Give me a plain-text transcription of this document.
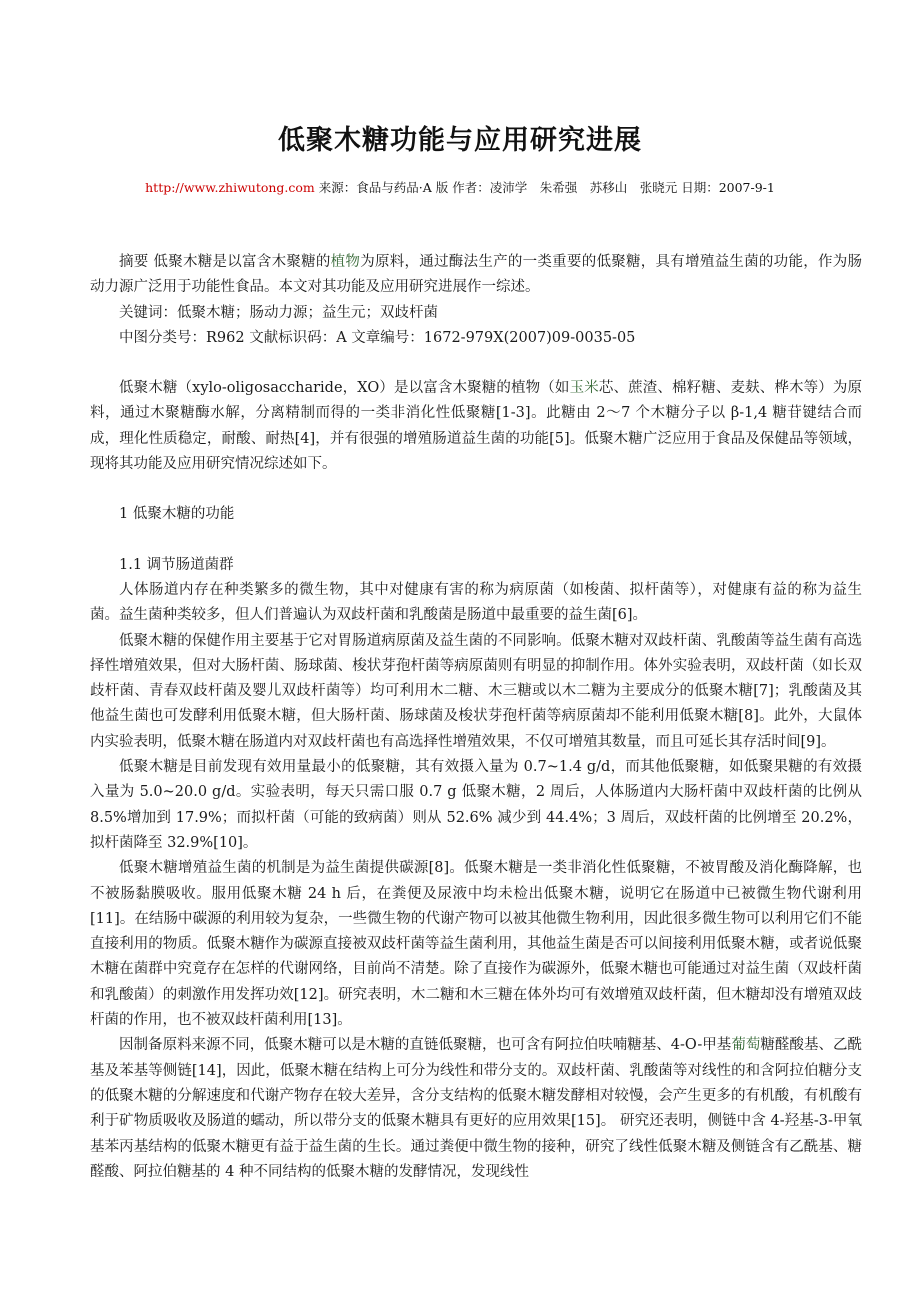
低聚木糖功能与应用研究进展
http://www.zhiwutong.com 来源：食品与药品·A 版 作者：凌沛学　朱希强　苏移山　张晓元 日期：2007-9-1

摘要 低聚木糖是以富含木聚糖的植物为原料，通过酶法生产的一类重要的低聚糖，具有增殖益生菌的功能，作为肠动力源广泛用于功能性食品。本文对其功能及应用研究进展作一综述。

关键词：低聚木糖；肠动力源；益生元；双歧杆菌

中图分类号：R962 文献标识码：A 文章编号：1672-979X(2007)09-0035-05

低聚木糖（xylo-oligosaccharide，XO）是以富含木聚糖的植物（如玉米芯、蔗渣、棉籽糖、麦麸、桦木等）为原料，通过木聚糖酶水解，分离精制而得的一类非消化性低聚糖[1-3]。此糖由 2～7 个木糖分子以 β-1,4 糖苷键结合而成，理化性质稳定，耐酸、耐热[4]，并有很强的增殖肠道益生菌的功能[5]。低聚木糖广泛应用于食品及保健品等领域，现将其功能及应用研究情况综述如下。

1 低聚木糖的功能

1.1 调节肠道菌群

人体肠道内存在种类繁多的微生物，其中对健康有害的称为病原菌（如梭菌、拟杆菌等），对健康有益的称为益生菌。益生菌种类较多，但人们普遍认为双歧杆菌和乳酸菌是肠道中最重要的益生菌[6]。

低聚木糖的保健作用主要基于它对胃肠道病原菌及益生菌的不同影响。低聚木糖对双歧杆菌、乳酸菌等益生菌有高选择性增殖效果，但对大肠杆菌、肠球菌、梭状芽孢杆菌等病原菌则有明显的抑制作用。体外实验表明，双歧杆菌（如长双歧杆菌、青春双歧杆菌及婴儿双歧杆菌等）均可利用木二糖、木三糖或以木二糖为主要成分的低聚木糖[7]；乳酸菌及其他益生菌也可发酵利用低聚木糖，但大肠杆菌、肠球菌及梭状芽孢杆菌等病原菌却不能利用低聚木糖[8]。此外，大鼠体内实验表明，低聚木糖在肠道内对双歧杆菌也有高选择性增殖效果，不仅可增殖其数量，而且可延长其存活时间[9]。

低聚木糖是目前发现有效用量最小的低聚糖，其有效摄入量为 0.7~1.4 g/d，而其他低聚糖，如低聚果糖的有效摄入量为 5.0~20.0 g/d。实验表明，每天只需口服 0.7 g 低聚木糖，2 周后，人体肠道内大肠杆菌中双歧杆菌的比例从 8.5%增加到 17.9%；而拟杆菌（可能的致病菌）则从 52.6% 减少到 44.4%；3 周后，双歧杆菌的比例增至 20.2%，拟杆菌降至 32.9%[10]。

低聚木糖增殖益生菌的机制是为益生菌提供碳源[8]。低聚木糖是一类非消化性低聚糖，不被胃酸及消化酶降解，也不被肠黏膜吸收。服用低聚木糖 24 h 后，在粪便及尿液中均未检出低聚木糖，说明它在肠道中已被微生物代谢利用[11]。在结肠中碳源的利用较为复杂，一些微生物的代谢产物可以被其他微生物利用，因此很多微生物可以利用它们不能直接利用的物质。低聚木糖作为碳源直接被双歧杆菌等益生菌利用，其他益生菌是否可以间接利用低聚木糖，或者说低聚木糖在菌群中究竟存在怎样的代谢网络，目前尚不清楚。除了直接作为碳源外，低聚木糖也可能通过对益生菌（双歧杆菌和乳酸菌）的刺激作用发挥功效[12]。研究表明，木二糖和木三糖在体外均可有效增殖双歧杆菌，但木糖却没有增殖双歧杆菌的作用，也不被双歧杆菌利用[13]。

因制备原料来源不同，低聚木糖可以是木糖的直链低聚糖，也可含有阿拉伯呋喃糖基、4-O-甲基葡萄糖醛酸基、乙酰基及苯基等侧链[14]，因此，低聚木糖在结构上可分为线性和带分支的。双歧杆菌、乳酸菌等对线性的和含阿拉伯糖分支的低聚木糖的分解速度和代谢产物存在较大差异，含分支结构的低聚木糖发酵相对较慢，会产生更多的有机酸，有机酸有利于矿物质吸收及肠道的蠕动，所以带分支的低聚木糖具有更好的应用效果[15]。 研究还表明，侧链中含 4-羟基-3-甲氧基苯丙基结构的低聚木糖更有益于益生菌的生长。通过粪便中微生物的接种，研究了线性低聚木糖及侧链含有乙酰基、糖醛酸、阿拉伯糖基的 4 种不同结构的低聚木糖的发酵情况，发现线性
